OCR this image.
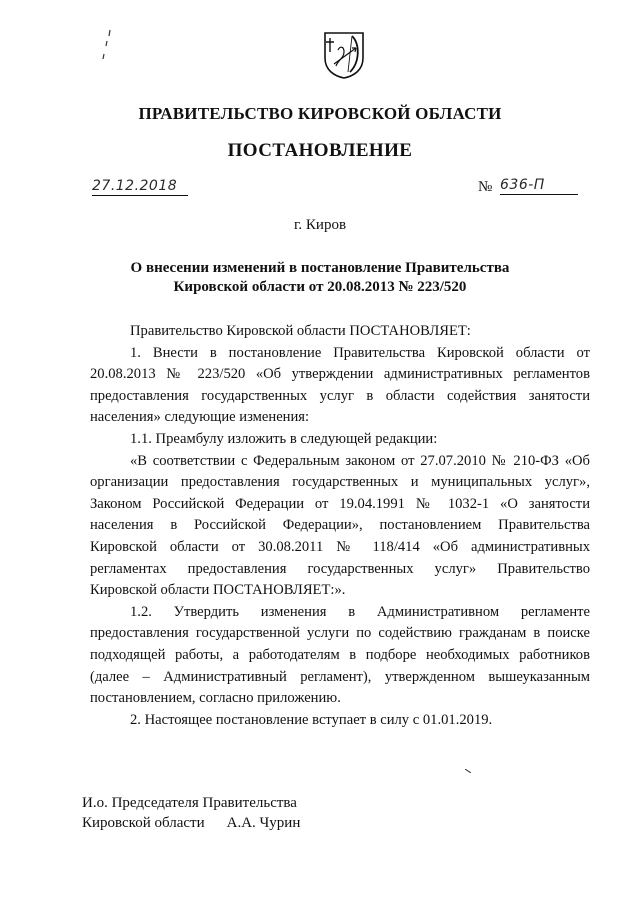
ПРАВИТЕЛЬСТВО КИРОВСКОЙ ОБЛАСТИ
ПОСТАНОВЛЕНИЕ
27.12.2018	№ 636-П
г. Киров
О внесении изменений в постановление Правительства
Кировской области от 20.08.2013 № 223/520

Правительство Кировской области ПОСТАНОВЛЯЕТ:

1. Внести в постановление Правительства Кировской области от 20.08.2013 № 223/520 «Об утверждении административных регламентов предоставления государственных услуг в области содействия занятости населения» следующие изменения:

1.1. Преамбулу изложить в следующей редакции:

«В соответствии с Федеральным законом от 27.07.2010 № 210-ФЗ «Об организации предоставления государственных и муниципальных услуг», Законом Российской Федерации от 19.04.1991 № 1032-1 «О занятости населения в Российской Федерации», постановлением Правительства Кировской области от 30.08.2011 № 118/414 «Об административных регламентах предоставления государственных услуг» Правительство Кировской области ПОСТАНОВЛЯЕТ:».

1.2. Утвердить изменения в Административном регламенте предоставления государственной услуги по содействию гражданам в поиске подходящей работы, а работодателям в подборе необходимых работников (далее – Административный регламент), утвержденном вышеуказанным постановлением, согласно приложению.

2. Настоящее постановление вступает в силу с 01.01.2019.

И.о. Председателя Правительства
Кировской области А.А. Чурин
